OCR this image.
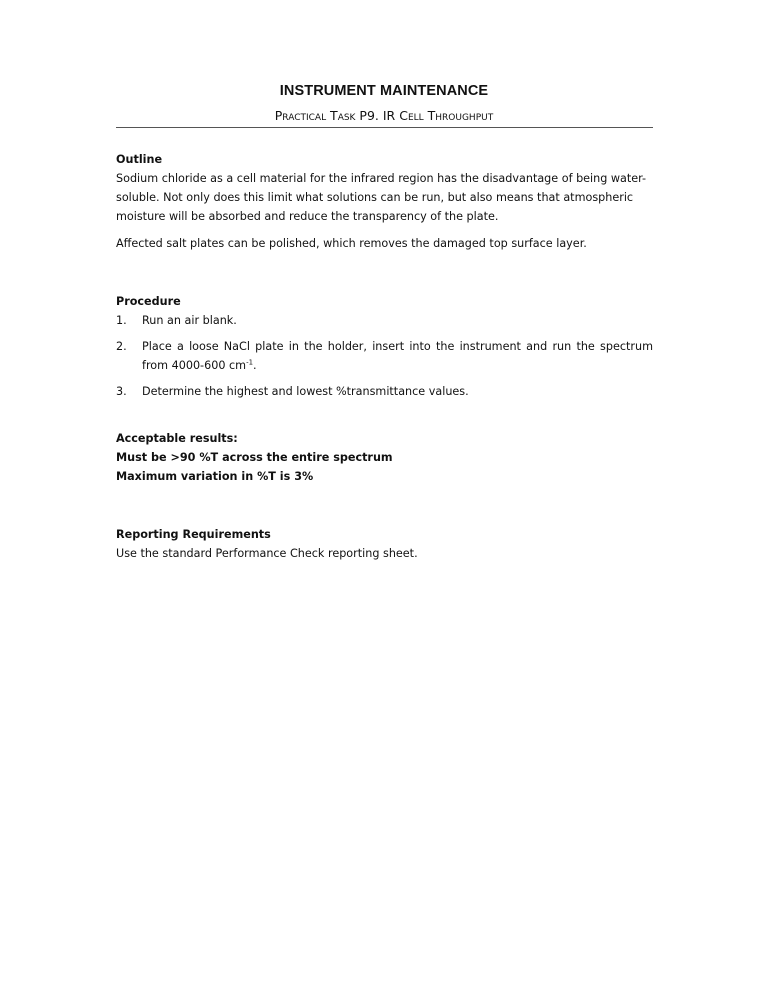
INSTRUMENT MAINTENANCE
Practical Task P9. IR Cell Throughput

Outline

Sodium chloride as a cell material for the infrared region has the disadvantage of being water-

soluble. Not only does this limit what solutions can be run, but also means that atmospheric

moisture will be absorbed and reduce the transparency of the plate.

Affected salt plates can be polished, which removes the damaged top surface layer.

Procedure

1.	Run an air blank.
2.	Place a loose NaCl plate in the holder, insert into the instrument and run the spectrum from 4000-600 $cm^{-1}$.
3.	Determine the highest and lowest %transmittance values.

Acceptable results:

Must be >90 %T across the entire spectrum

Maximum variation in %T is 3%

Reporting Requirements

Use the standard Performance Check reporting sheet.
